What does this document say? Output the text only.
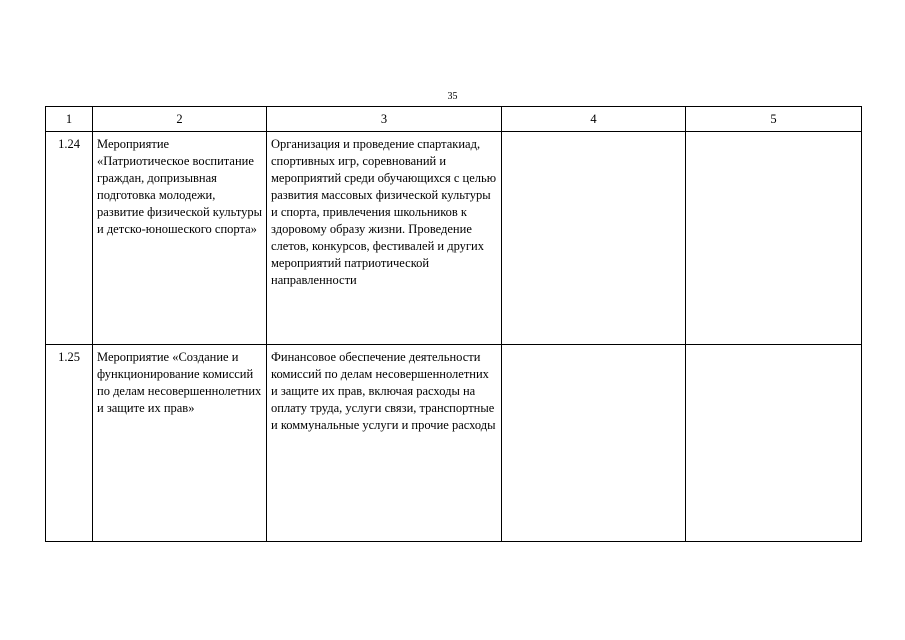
35
1	2	3	4	5

1.24	Мероприятие «Патриотическое воспитание граждан, допризывная подготовка молодежи, развитие физической культуры и детско-юношеского спорта»	Организация и проведение спартакиад, спортивных игр, соревнований и мероприятий среди обучающихся с целью развития массовых физической культуры и спорта, привлечения школьников к здоровому образу жизни. Проведение слетов, конкурсов, фестивалей и других мероприятий патриотической направленности		

1.25	Мероприятие «Создание и функционирование комиссий по делам несовершеннолетних и защите их прав»	Финансовое обеспечение деятельности комиссий по делам несовершеннолетних и защите их прав, включая расходы на оплату труда, услуги связи, транспортные и коммунальные услуги и прочие расходы		
